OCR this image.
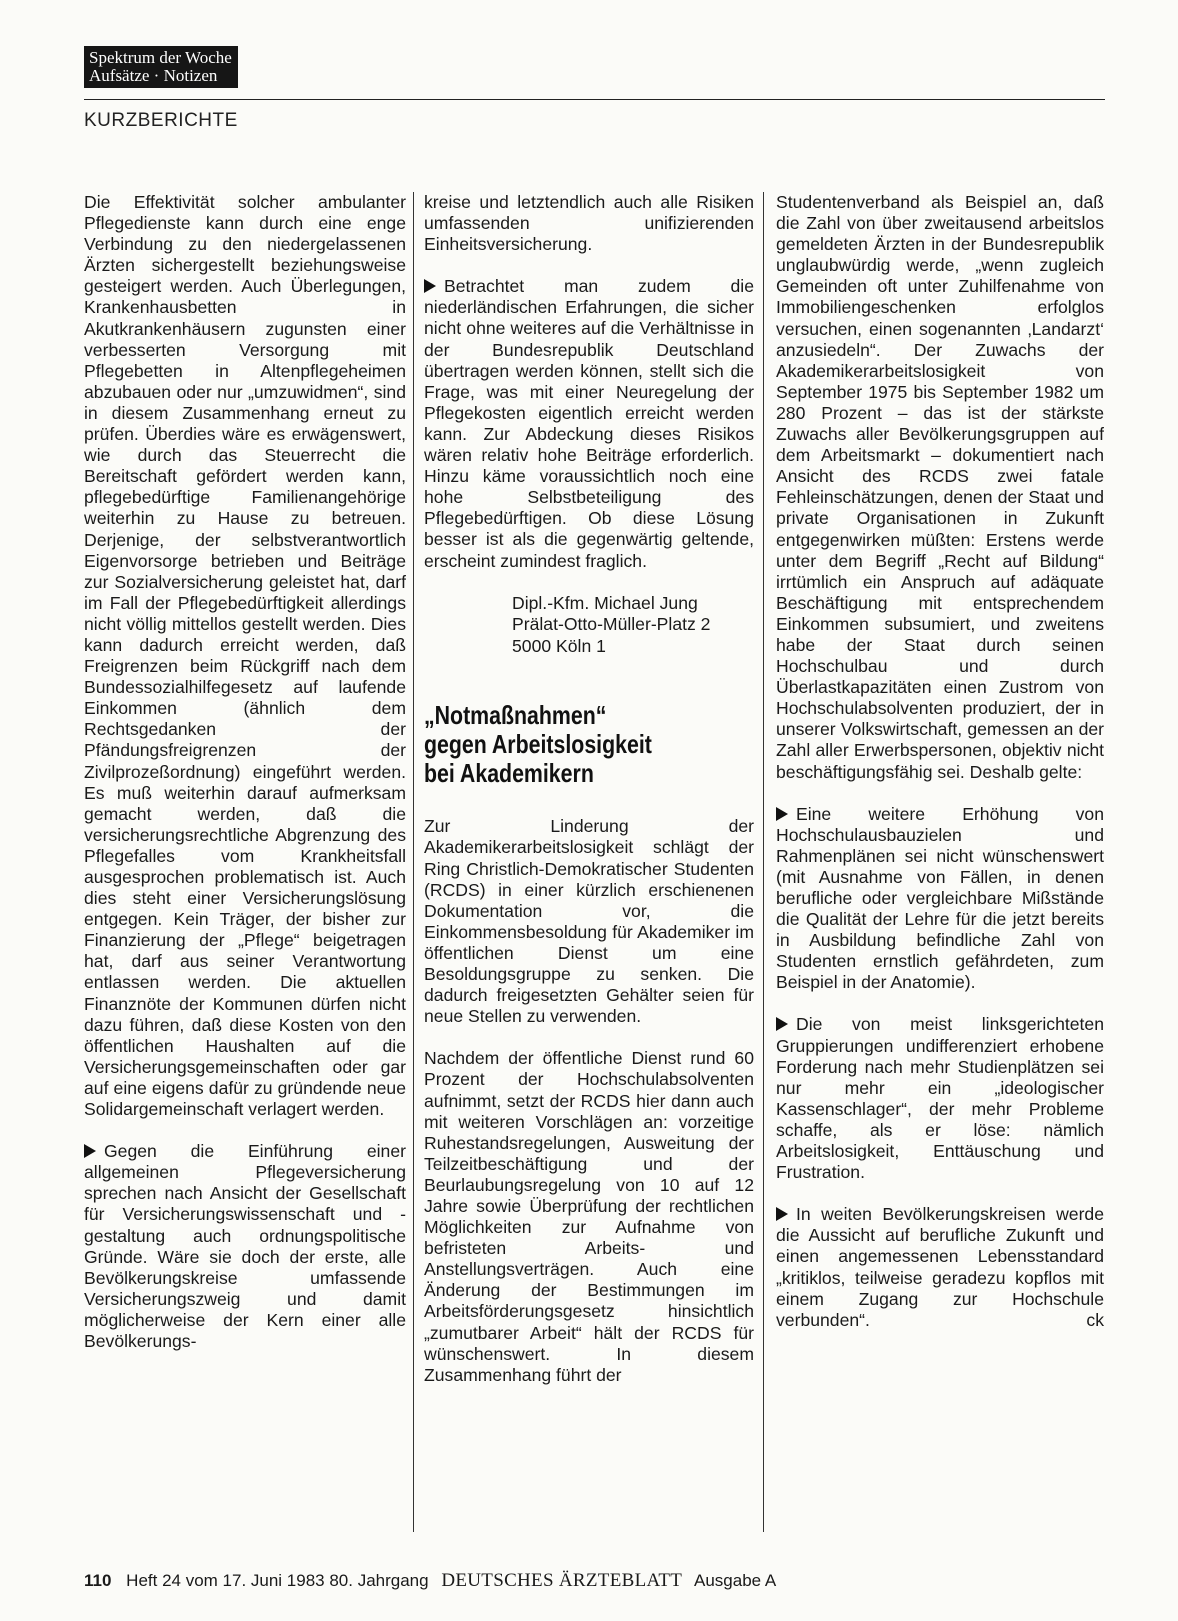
Spektrum der Woche
Aufsätze · Notizen
KURZBERICHTE

Die Effektivität solcher ambulanter Pflegedienste kann durch eine enge Verbindung zu den niedergelassenen Ärzten sichergestellt beziehungsweise gesteigert werden. Auch Überlegungen, Krankenhausbetten in Akutkrankenhäusern zugunsten einer verbesserten Versorgung mit Pflegebetten in Altenpflegeheimen abzubauen oder nur „umzuwidmen“, sind in diesem Zusammenhang erneut zu prüfen. Überdies wäre es erwägenswert, wie durch das Steuerrecht die Bereitschaft gefördert werden kann, pflegebedürftige Familienangehörige weiterhin zu Hause zu betreuen. Derjenige, der selbstverantwortlich Eigenvorsorge betrieben und Beiträge zur Sozialversicherung geleistet hat, darf im Fall der Pflegebedürftigkeit allerdings nicht völlig mittellos gestellt werden. Dies kann dadurch erreicht werden, daß Freigrenzen beim Rückgriff nach dem Bundessozialhilfegesetz auf laufende Einkommen (ähnlich dem Rechtsgedanken der Pfändungsfreigrenzen der Zivilprozeßordnung) eingeführt werden. Es muß weiterhin darauf aufmerksam gemacht werden, daß die versicherungsrechtliche Abgrenzung des Pflegefalles vom Krankheitsfall ausgesprochen problematisch ist. Auch dies steht einer Versicherungslösung entgegen. Kein Träger, der bisher zur Finanzierung der „Pflege“ beigetragen hat, darf aus seiner Verantwortung entlassen werden. Die aktuellen Finanznöte der Kommunen dürfen nicht dazu führen, daß diese Kosten von den öffentlichen Haushalten auf die Versicherungsgemeinschaften oder gar auf eine eigens dafür zu gründende neue Solidargemeinschaft verlagert werden.

Gegen die Einführung einer allgemeinen Pflegeversicherung sprechen nach Ansicht der Gesellschaft für Versicherungswissenschaft und -gestaltung auch ordnungspolitische Gründe. Wäre sie doch der erste, alle Bevölkerungskreise umfassende Versicherungszweig und damit möglicherweise der Kern einer alle Bevölkerungs-

kreise und letztendlich auch alle Risiken umfassenden unifizierenden Einheitsversicherung.

Betrachtet man zudem die niederländischen Erfahrungen, die sicher nicht ohne weiteres auf die Verhältnisse in der Bundesrepublik Deutschland übertragen werden können, stellt sich die Frage, was mit einer Neuregelung der Pflegekosten eigentlich erreicht werden kann. Zur Abdeckung dieses Risikos wären relativ hohe Beiträge erforderlich. Hinzu käme voraussichtlich noch eine hohe Selbstbeteiligung des Pflegebedürftigen. Ob diese Lösung besser ist als die gegenwärtig geltende, erscheint zumindest fraglich.

Dipl.-Kfm. Michael Jung
Prälat-Otto-Müller-Platz 2
5000 Köln 1
„Notmaßnahmen“
gegen Arbeitslosigkeit
bei Akademikern

Zur Linderung der Akademikerarbeitslosigkeit schlägt der Ring Christlich-Demokratischer Studenten (RCDS) in einer kürzlich erschienenen Dokumentation vor, die Einkommensbesoldung für Akademiker im öffentlichen Dienst um eine Besoldungsgruppe zu senken. Die dadurch freigesetzten Gehälter seien für neue Stellen zu verwenden.

Nachdem der öffentliche Dienst rund 60 Prozent der Hochschulabsolventen aufnimmt, setzt der RCDS hier dann auch mit weiteren Vorschlägen an: vorzeitige Ruhestandsregelungen, Ausweitung der Teilzeitbeschäftigung und der Beurlaubungsregelung von 10 auf 12 Jahre sowie Überprüfung der rechtlichen Möglichkeiten zur Aufnahme von befristeten Arbeits- und Anstellungsverträgen. Auch eine Änderung der Bestimmungen im Arbeitsförderungsgesetz hinsichtlich „zumutbarer Arbeit“ hält der RCDS für wünschenswert. In diesem Zusammenhang führt der

Studentenverband als Beispiel an, daß die Zahl von über zweitausend arbeitslos gemeldeten Ärzten in der Bundesrepublik unglaubwürdig werde, „wenn zugleich Gemeinden oft unter Zuhilfenahme von Immobiliengeschenken erfolglos versuchen, einen sogenannten ‚Landarzt‘ anzusiedeln“. Der Zuwachs der Akademikerarbeitslosigkeit von September 1975 bis September 1982 um 280 Prozent – das ist der stärkste Zuwachs aller Bevölkerungsgruppen auf dem Arbeitsmarkt – dokumentiert nach Ansicht des RCDS zwei fatale Fehleinschätzungen, denen der Staat und private Organisationen in Zukunft entgegenwirken müßten: Erstens werde unter dem Begriff „Recht auf Bildung“ irrtümlich ein Anspruch auf adäquate Beschäftigung mit entsprechendem Einkommen subsumiert, und zweitens habe der Staat durch seinen Hochschulbau und durch Überlastkapazitäten einen Zustrom von Hochschulabsolventen produziert, der in unserer Volkswirtschaft, gemessen an der Zahl aller Erwerbspersonen, objektiv nicht beschäftigungsfähig sei. Deshalb gelte:

Eine weitere Erhöhung von Hochschulausbauzielen und Rahmenplänen sei nicht wünschenswert (mit Ausnahme von Fällen, in denen berufliche oder vergleichbare Mißstände die Qualität der Lehre für die jetzt bereits in Ausbildung befindliche Zahl von Studenten ernstlich gefährdeten, zum Beispiel in der Anatomie).

Die von meist linksgerichteten Gruppierungen undifferenziert erhobene Forderung nach mehr Studienplätzen sei nur mehr ein „ideologischer Kassenschlager“, der mehr Probleme schaffe, als er löse: nämlich Arbeitslosigkeit, Enttäuschung und Frustration.

In weiten Bevölkerungskreisen werde die Aussicht auf berufliche Zukunft und einen angemessenen Lebensstandard „kritiklos, teilweise geradezu kopflos mit einem Zugang zur Hochschule verbunden“.	ck

110 Heft 24 vom 17. Juni 1983 80. Jahrgang DEUTSCHES ÄRZTEBLATT Ausgabe A
